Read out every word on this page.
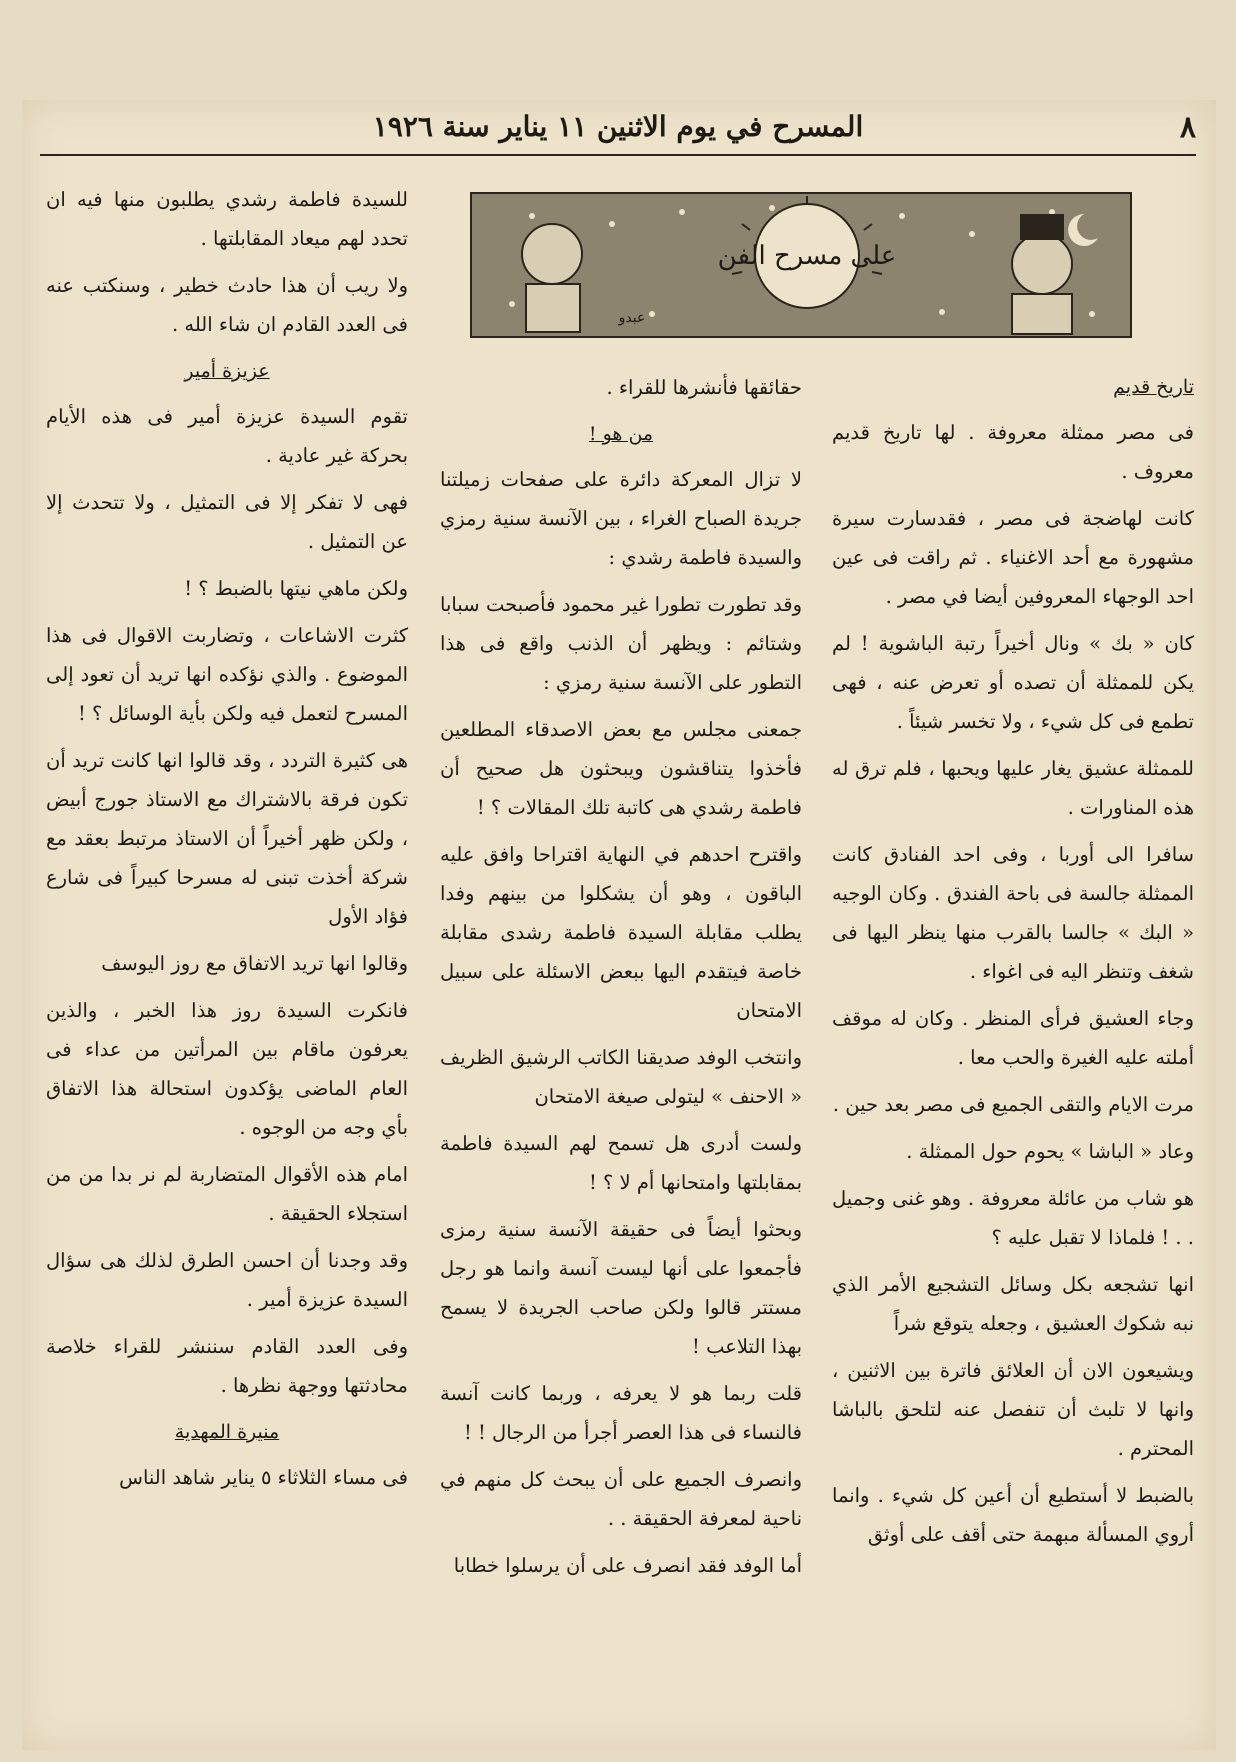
٨
المسرح في يوم الاثنين ١١ يناير سنة ١٩٢٦
على مسرح الفن
عبدو
تاريخ قديم

فى مصر ممثلة معروفة . لها تاريخ قديم معروف .

كانت لهاضجة فى مصر ، فقدسارت سيرة مشهورة مع أحد الاغنياء . ثم راقت فى عين احد الوجهاء المعروفين أيضا في مصر .

كان « بك » ونال أخيراً رتبة الباشوية ! لم يكن للممثلة أن تصده أو تعرض عنه ، فهى تطمع فى كل شيء ، ولا تخسر شيئاً .

للممثلة عشيق يغار عليها ويحبها ، فلم ترق له هذه المناورات .

سافرا الى أوربا ، وفى احد الفنادق كانت الممثلة جالسة فى باحة الفندق . وكان الوجيه « البك » جالسا بالقرب منها ينظر اليها فى شغف وتنظر اليه فى اغواء .

وجاء العشيق فرأى المنظر . وكان له موقف أملته عليه الغيرة والحب معا .

مرت الايام والتقى الجميع فى مصر بعد حين .

وعاد « الباشا » يحوم حول الممثلة .

هو شاب من عائلة معروفة . وهو غنى وجميل . . ! فلماذا لا تقبل عليه ؟

انها تشجعه بكل وسائل التشجيع الأمر الذي نبه شكوك العشيق ، وجعله يتوقع شراً

ويشيعون الان أن العلائق فاترة بين الاثنين ، وانها لا تلبث أن تنفصل عنه لتلحق بالباشا المحترم .

بالضبط لا أستطيع أن أعين كل شيء . وانما أروي المسألة مبهمة حتى أقف على أوثق

حقائقها فأنشرها للقراء .

من هو !

لا تزال المعركة دائرة على صفحات زميلتنا جريدة الصباح الغراء ، بين الآنسة سنية رمزي والسيدة فاطمة رشدي :

وقد تطورت تطورا غير محمود فأصبحت سبابا وشتائم : ويظهر أن الذنب واقع فى هذا التطور على الآنسة سنية رمزي :

جمعنى مجلس مع بعض الاصدقاء المطلعين فأخذوا يتناقشون ويبحثون هل صحيح أن فاطمة رشدي هى كاتبة تلك المقالات ؟ !

واقترح احدهم في النهاية اقتراحا وافق عليه الباقون ، وهو أن يشكلوا من بينهم وفدا يطلب مقابلة السيدة فاطمة رشدى مقابلة خاصة فيتقدم اليها ببعض الاسئلة على سبيل الامتحان

وانتخب الوفد صديقنا الكاتب الرشيق الظريف « الاحنف » ليتولى صيغة الامتحان

ولست أدرى هل تسمح لهم السيدة فاطمة بمقابلتها وامتحانها أم لا ؟ !

وبحثوا أيضاً فى حقيقة الآنسة سنية رمزى فأجمعوا على أنها ليست آنسة وانما هو رجل مستتر قالوا ولكن صاحب الجريدة لا يسمح بهذا التلاعب !

قلت ربما هو لا يعرفه ، وربما كانت آنسة فالنساء فى هذا العصر أجرأ من الرجال ! !

وانصرف الجميع على أن يبحث كل منهم في ناحية لمعرفة الحقيقة . .

أما الوفد فقد انصرف على أن يرسلوا خطابا

للسيدة فاطمة رشدي يطلبون منها فيه ان تحدد لهم ميعاد المقابلتها .

ولا ريب أن هذا حادث خطير ، وسنكتب عنه فى العدد القادم ان شاء الله .

عزيزة أمير

تقوم السيدة عزيزة أمير فى هذه الأيام بحركة غير عادية .

فهى لا تفكر إلا فى التمثيل ، ولا تتحدث إلا عن التمثيل .

ولكن ماهي نيتها بالضبط ؟ !

كثرت الاشاعات ، وتضاربت الاقوال فى هذا الموضوع . والذي نؤكده انها تريد أن تعود إلى المسرح لتعمل فيه ولكن بأية الوسائل ؟ !

هى كثيرة التردد ، وقد قالوا انها كانت تريد أن تكون فرقة بالاشتراك مع الاستاذ جورج أبيض ، ولكن ظهر أخيراً أن الاستاذ مرتبط بعقد مع شركة أخذت تبنى له مسرحا كبيراً فى شارع فؤاد الأول

وقالوا انها تريد الاتفاق مع روز اليوسف

فانكرت السيدة روز هذا الخبر ، والذين يعرفون ماقام بين المرأتين من عداء فى العام الماضى يؤكدون استحالة هذا الاتفاق بأي وجه من الوجوه .

امام هذه الأقوال المتضاربة لم نر بدا من من استجلاء الحقيقة .

وقد وجدنا أن احسن الطرق لذلك هى سؤال السيدة عزيزة أمير .

وفى العدد القادم سننشر للقراء خلاصة محادثتها ووجهة نظرها .

منيرة المهدية

فى مساء الثلاثاء ٥ يناير شاهد الناس
